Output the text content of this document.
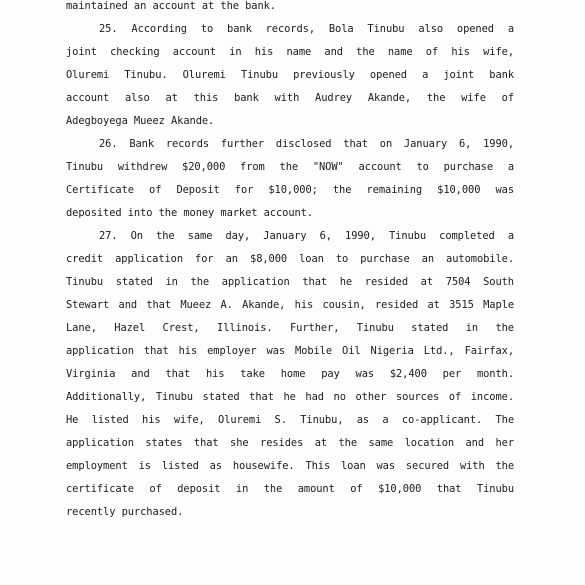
maintained an account at the bank.
25. According to bank records, Bola Tinubu also opened a
joint checking account in his name and the name of his wife,
Oluremi Tinubu. Oluremi Tinubu previously opened a joint bank
account also at this bank with Audrey Akande, the wife of
Adegboyega Mueez Akande.
26. Bank records further disclosed that on January 6, 1990,
Tinubu withdrew $20,000 from the "NOW" account to purchase a
Certificate of Deposit for $10,000; the remaining $10,000 was
deposited into the money market account.
27. On the same day, January 6, 1990, Tinubu completed a
credit application for an $8,000 loan to purchase an automobile.
Tinubu stated in the application that he resided at 7504 South
Stewart and that Mueez A. Akande, his cousin, resided at 3515 Maple
Lane, Hazel Crest, Illinois. Further, Tinubu stated in the
application that his employer was Mobile Oil Nigeria Ltd., Fairfax,
Virginia and that his take home pay was $2,400 per month.
Additionally, Tinubu stated that he had no other sources of income.
He listed his wife, Oluremi S. Tinubu, as a co-applicant. The
application states that she resides at the same location and her
employment is listed as housewife. This loan was secured with the
certificate of deposit in the amount of $10,000 that Tinubu
recently purchased.
